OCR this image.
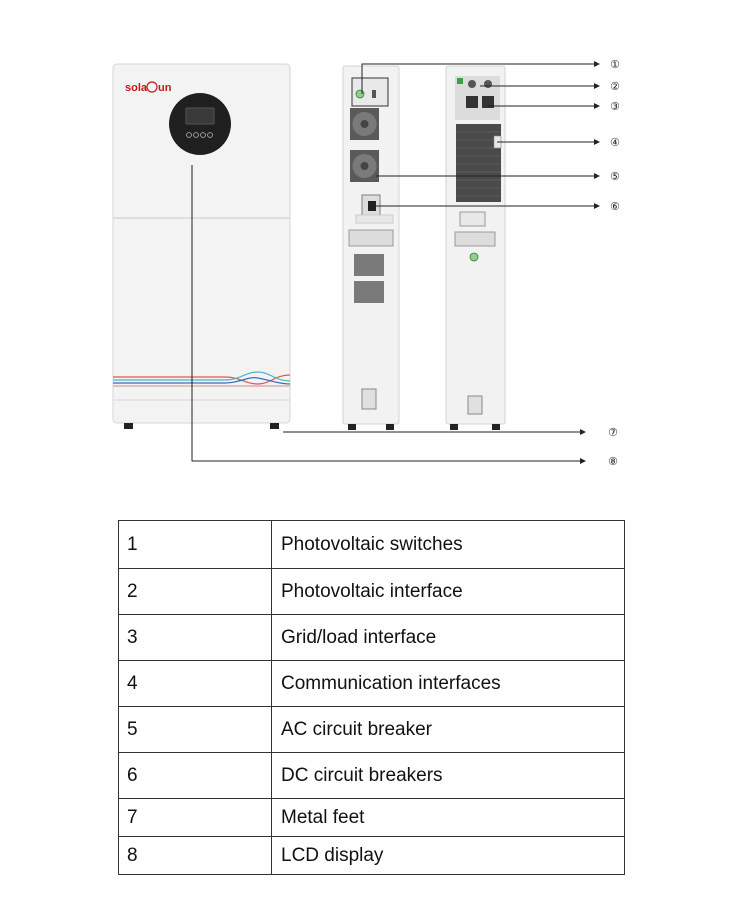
sola un
①
②
③
④
⑤
⑥
⑦
⑧
1	Photovoltaic switches
2	Photovoltaic interface
3	Grid/load interface
4	Communication interfaces
5	AC circuit breaker
6	DC circuit breakers
7	Metal feet
8	LCD display
